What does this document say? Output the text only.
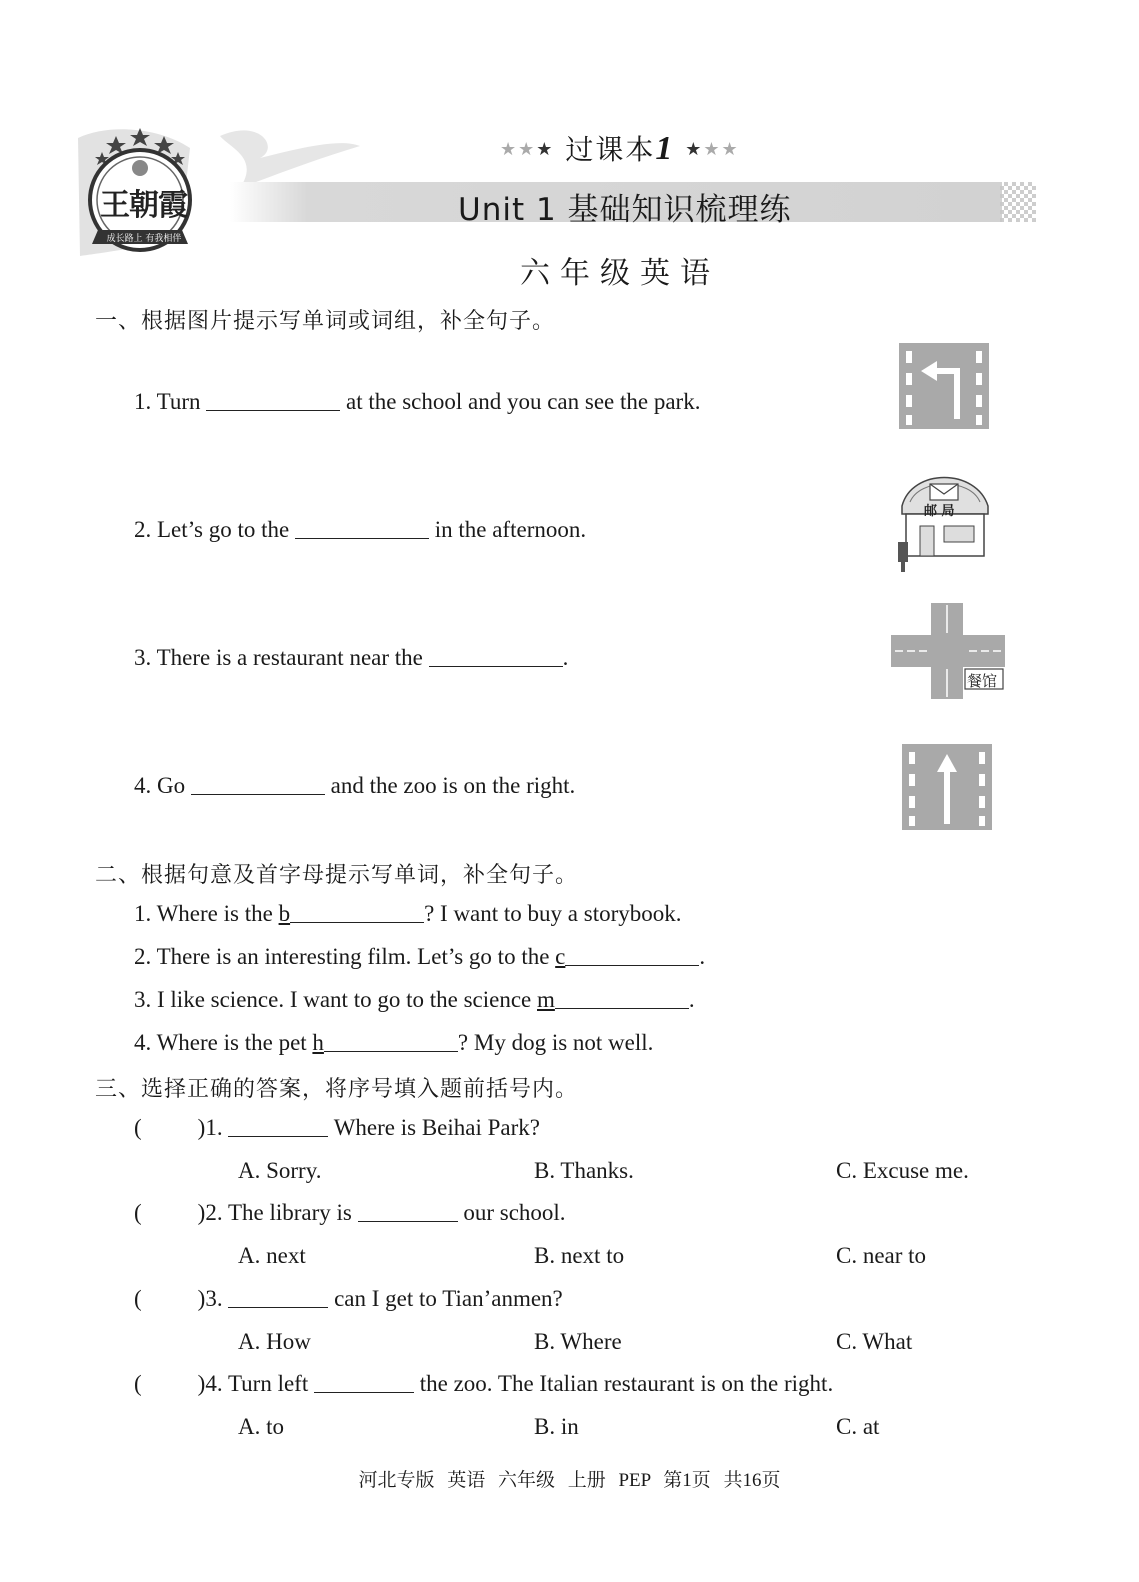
王朝霞
成长路上 有我相伴
★★★ 过课本1 ★★★
Unit 1 基础知识梳理练
六年级英语
一、根据图片提示写单词或词组，补全句子。
1. Turn	at the school and you can see the park.
2. Let’s go to the	in the afternoon.
3. There is a restaurant near the	.
4. Go	and the zoo is on the right.
邮 局
餐馆
二、根据句意及首字母提示写单词，补全句子。
1. Where is the b	? I want to buy a storybook.
2. There is an interesting film. Let’s go to the c	.
3. I like science. I want to go to the science m	.
4. Where is the pet h	? My dog is not well.
三、选择正确的答案，将序号填入题前括号内。
( )1.	Where is Beihai Park?
A. Sorry.	B. Thanks.	C. Excuse me.
( )2. The library is	our school.
A. next	B. next to	C. near to
( )3.	can I get to Tian’anmen?
A. How	B. Where	C. What
( )4. Turn left	the zoo. The Italian restaurant is on the right.
A. to	B. in	C. at
河北专版 英语 六年级 上册 PEP 第1页 共16页
